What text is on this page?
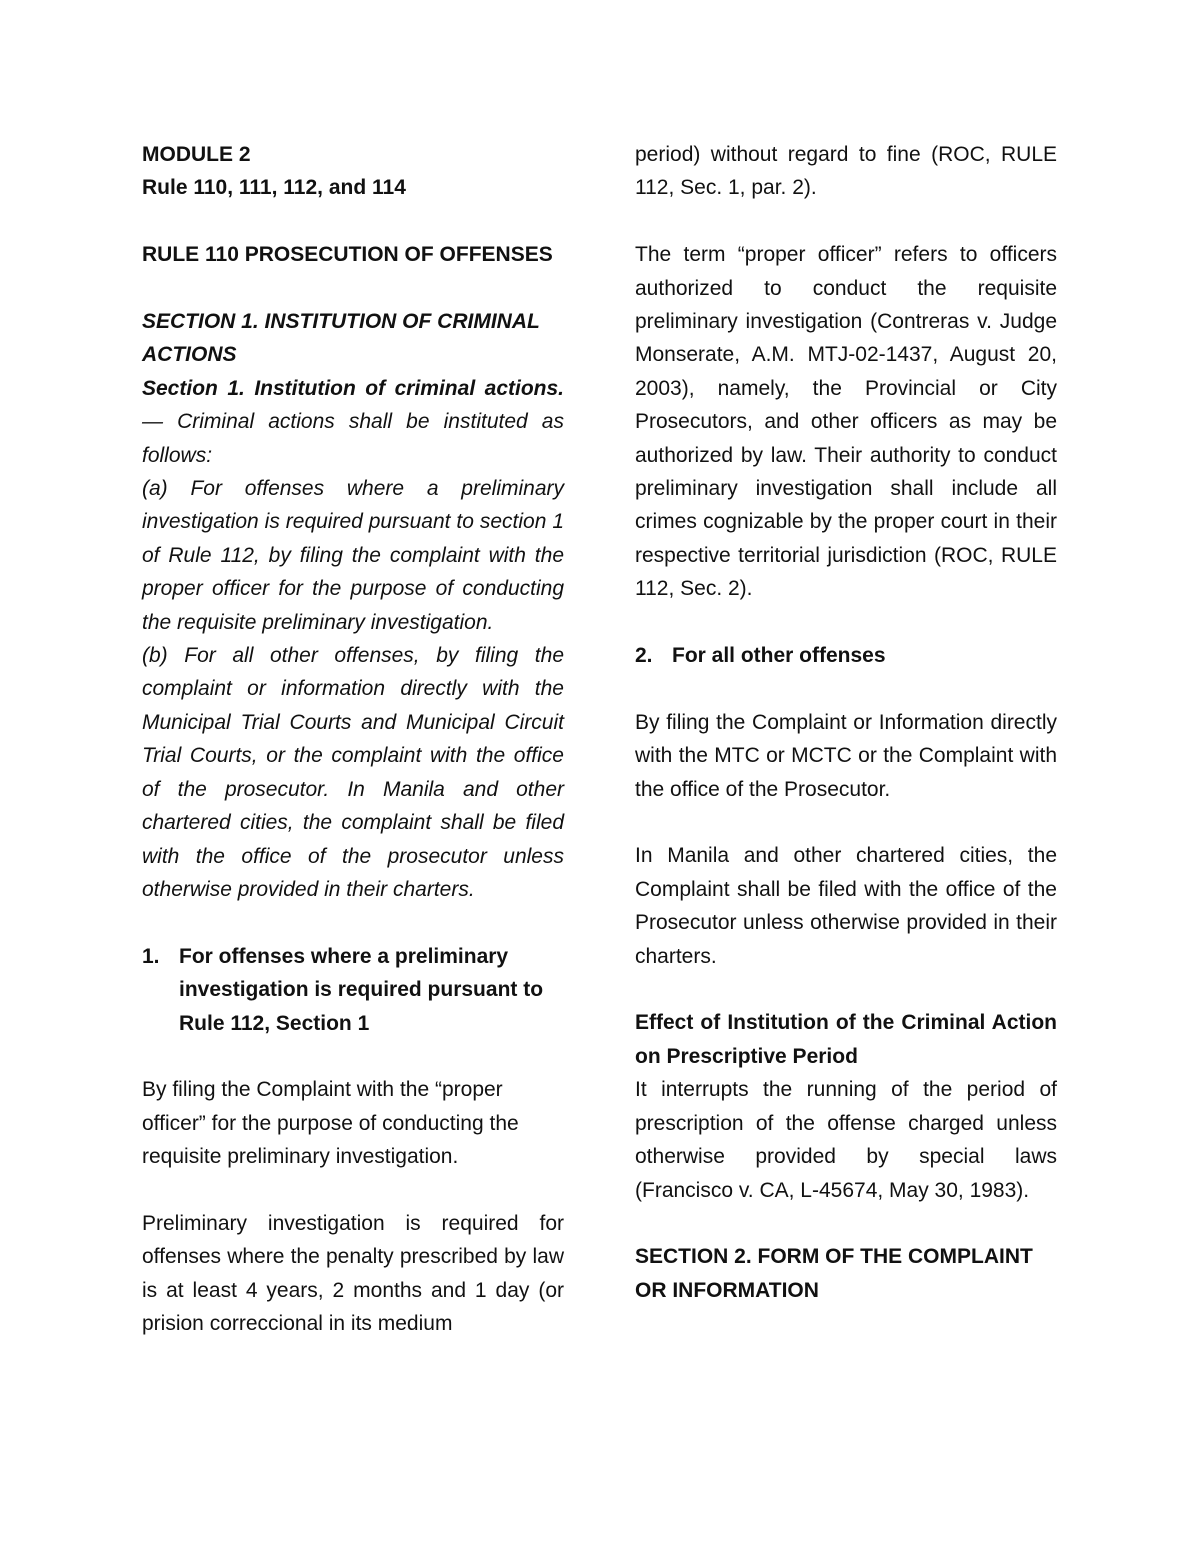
MODULE 2

Rule 110, 111, 112, and 114

RULE 110 PROSECUTION OF OFFENSES

SECTION 1. INSTITUTION OF CRIMINAL ACTIONS

Section 1. Institution of criminal actions. — Criminal actions shall be instituted as follows:

(a) For offenses where a preliminary investigation is required pursuant to section 1 of Rule 112, by filing the complaint with the proper officer for the purpose of conducting the requisite preliminary investigation.

(b) For all other offenses, by filing the complaint or information directly with the Municipal Trial Courts and Municipal Circuit Trial Courts, or the complaint with the office of the prosecutor. In Manila and other chartered cities, the complaint shall be filed with the office of the prosecutor unless otherwise provided in their charters.

1. For offenses where a preliminary investigation is required pursuant to Rule 112, Section 1

By filing the Complaint with the “proper officer” for the purpose of conducting the requisite preliminary investigation.

Preliminary investigation is required for offenses where the penalty prescribed by law is at least 4 years, 2 months and 1 day (or prision correccional in its medium

period) without regard to fine (ROC, RULE 112, Sec. 1, par. 2).

The term “proper officer” refers to officers authorized to conduct the requisite preliminary investigation (Contreras v. Judge Monserate, A.M. MTJ-02-1437, August 20, 2003), namely, the Provincial or City Prosecutors, and other officers as may be authorized by law. Their authority to conduct preliminary investigation shall include all crimes cognizable by the proper court in their respective territorial jurisdiction (ROC, RULE 112, Sec. 2).

2. For all other offenses

By filing the Complaint or Information directly with the MTC or MCTC or the Complaint with the office of the Prosecutor.

In Manila and other chartered cities, the Complaint shall be filed with the office of the Prosecutor unless otherwise provided in their charters.

Effect of Institution of the Criminal Action on Prescriptive Period

It interrupts the running of the period of prescription of the offense charged unless otherwise provided by special laws (Francisco v. CA, L-45674, May 30, 1983).

SECTION 2. FORM OF THE COMPLAINT OR INFORMATION
